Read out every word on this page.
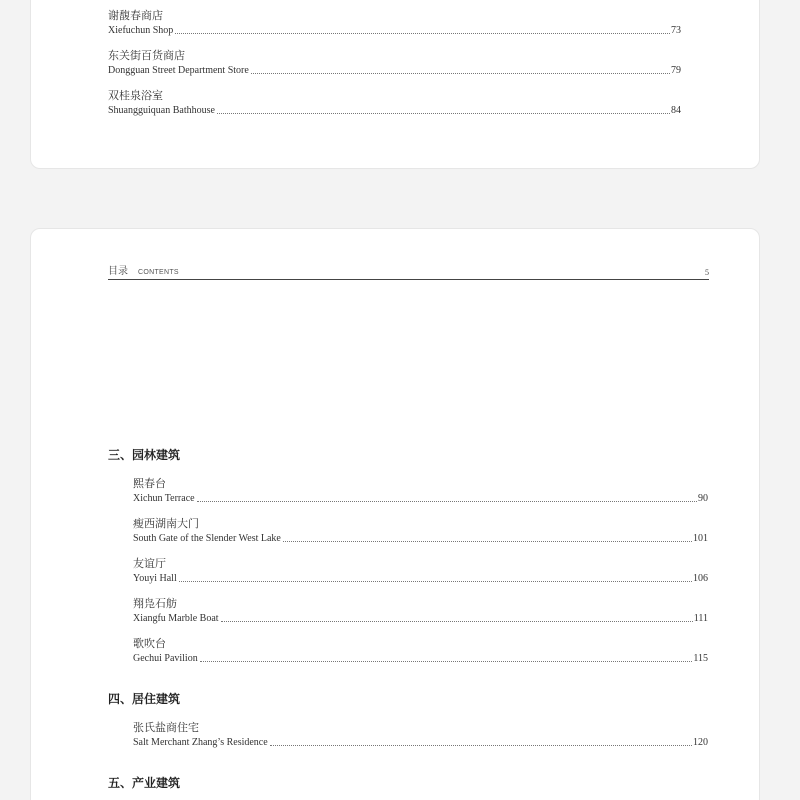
谢馥春商店
Xiefuchun Shop	73
东关街百货商店
Dongguan Street Department Store	79
双桂泉浴室
Shuangguiquan Bathhouse	84
目录 CONTENTS	5
三、园林建筑
熙春台
Xichun Terrace	90
瘦西湖南大门
South Gate of the Slender West Lake	101
友谊厅
Youyi Hall	106
翔凫石舫
Xiangfu Marble Boat	111
歌吹台
Gechui Pavilion	115
四、居住建筑
张氏盐商住宅
Salt Merchant Zhang’s Residence	120
五、产业建筑
